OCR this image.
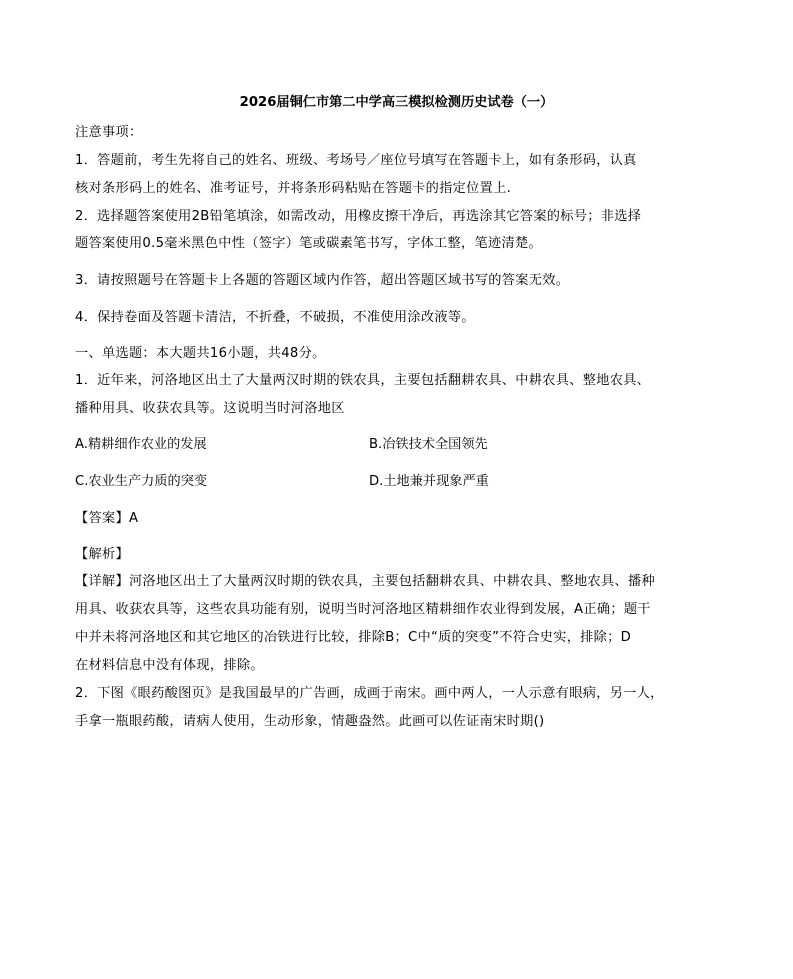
2026届铜仁市第二中学高三模拟检测历史试卷（一）
注意事项：
1．答题前，考生先将自己的姓名、班级、考场号／座位号填写在答题卡上，如有条形码，认真
核对条形码上的姓名、准考证号，并将条形码粘贴在答题卡的指定位置上.
2．选择题答案使用2B铅笔填涂，如需改动，用橡皮擦干净后，再选涂其它答案的标号；非选择
题答案使用0.5毫米黑色中性（签字）笔或碳素笔书写，字体工整，笔迹清楚。
3．请按照题号在答题卡上各题的答题区域内作答，超出答题区域书写的答案无效。
4．保持卷面及答题卡清洁，不折叠，不破损，不准使用涂改液等。
一、单选题：本大题共16小题，共48分。
1．近年来，河洛地区出土了大量两汉时期的铁农具，主要包括翻耕农具、中耕农具、整地农具、
播种用具、收获农具等。这说明当时河洛地区
A.精耕细作农业的发展	B.冶铁技术全国领先
C.农业生产力质的突变	D.土地兼并现象严重
【答案】A
【解析】
【详解】河洛地区出土了大量两汉时期的铁农具，主要包括翻耕农具、中耕农具、整地农具、播种
用具、收获农具等，这些农具功能有别，说明当时河洛地区精耕细作农业得到发展，A正确；题干
中并未将河洛地区和其它地区的冶铁进行比较，排除B；C中“质的突变”不符合史实，排除；D
在材料信息中没有体现，排除。
2．下图《眼药酸图页》是我国最早的广告画，成画于南宋。画中两人，一人示意有眼病，另一人，
手拿一瓶眼药酸，请病人使用，生动形象，情趣盎然。此画可以佐证南宋时期()
